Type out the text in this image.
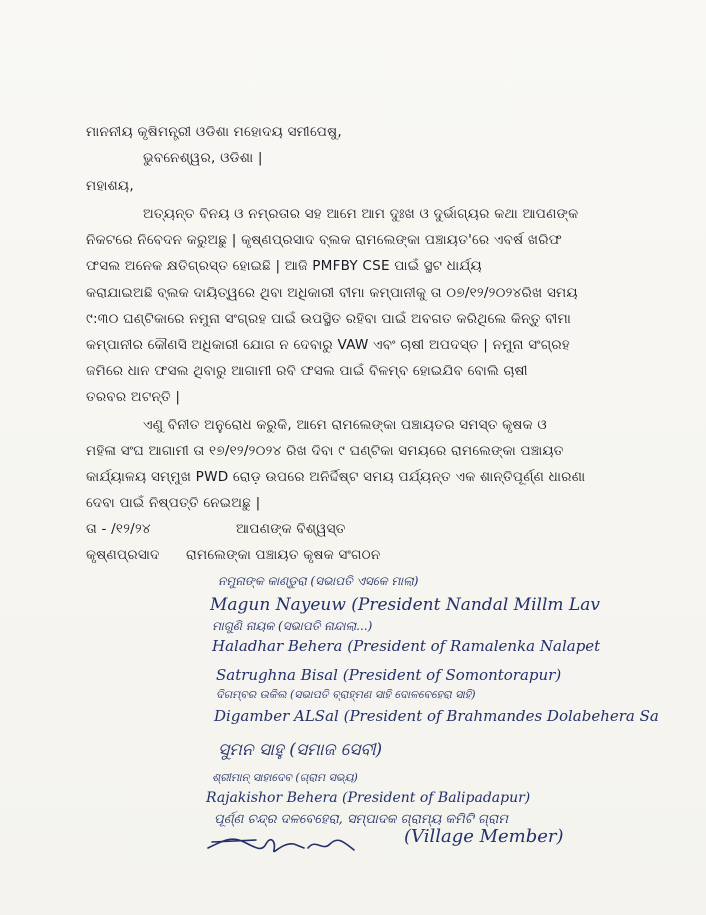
ମାନନୀୟ କୃଷିମନ୍ତ୍ରୀ ଓଡିଶା ମହୋଦୟ ସମୀପେଷୁ,
ଭୁବନେଶ୍ୱର, ଓଡିଶା |
ମହାଶୟ,
ଅତ୍ୟନ୍ତ ବିନୟ ଓ ନମ୍ରତାର ସହ ଆମେ ଆମ ଦୁଃଖ ଓ ଦୁର୍ଭାଗ୍ୟର କଥା ଆପଣଙ୍କ
ନିକଟରେ ନିବେଦନ କରୁଅଛୁ | କୃଷ୍ଣପ୍ରସାଦ ବ୍ଲକ ରାମଲେଙ୍କା ପଞ୍ଚାୟତ'ରେ ଏବର୍ଷ ଖରିଫ
ଫସଲ ଅନେକ କ୍ଷତିଗ୍ରସ୍ତ ହୋଇଛି | ଆଜି PMFBY CSE ପାଇଁ ସ୍ଥଟ ଧାର୍ଯ୍ୟ
କରାଯାଇଅଛି ବ୍ଲକ ଦାୟିତ୍ୱରେ ଥିବା ଅଧିକାରୀ ବୀମା କମ୍ପାନୀକୁ ତା ୦୭/୧୨/୨୦୨୪ରିଖ ସମୟ
୯:୩୦ ଘଣ୍ଟିକାରେ ନମୁନା ସଂଗ୍ରହ ପାଇଁ ଉପସ୍ଥିତ ରହିବା ପାଇଁ ଅବଗତ କରିଥିଲେ କିନ୍ତୁ ବୀମା
କମ୍ପାନୀର କୌଣସି ଅଧିକାରୀ ଯୋଗ ନ ଦେବାରୁ VAW ଏବଂ ଚାଷୀ ଅପଦସ୍ତ | ନମୁନା ସଂଗ୍ରହ
ଜମିରେ ଧାନ ଫସଲ ଥିବାରୁ ଆଗାମୀ ରବି ଫସଲ ପାଇଁ ବିଳମ୍ବ ହୋଇଯିବ ବୋଲି ଚାଷୀ
ତରବର ଅଟନ୍ତି |
ଏଣୁ ବିନୀତ ଅନୁରୋଧ କରୁକି, ଆମେ ରାମଲେଙ୍କା ପଞ୍ଚାୟତର ସମସ୍ତ କୃଷକ ଓ
ମହିଳା ସଂଘ ଆଗାମୀ ତା ୧୭/୧୨/୨୦୨୪ ରିଖ ଦିବା ୯ ଘଣ୍ଟିକା ସମୟରେ ରାମଲେଙ୍କା ପଞ୍ଚାୟତ
କାର୍ଯ୍ୟାଳୟ ସମ୍ମୁଖ PWD ରୋଡ଼ ଉପରେ ଅନିର୍ଦ୍ଦିଷ୍ଟ ସମୟ ପର୍ଯ୍ୟନ୍ତ ଏକ ଶାନ୍ତିପୂର୍ଣ୍ଣ ଧାରଣା
ଦେବା ପାଇଁ ନିଷ୍ପତ୍ତି ନେଇଅଛୁ |
ତା - /୧୨/୨୪	ଆପଣଙ୍କ ବିଶ୍ୱସ୍ତ
କୃଷ୍ଣପ୍ରସାଦ ରାମଲେଙ୍କା ପଞ୍ଚାୟତ କୃଷକ ସଂଗଠନ
ନମୁନାଙ୍କ କାଣ୍ଡୁରା (ସଭାପତି ଏସକେ ମାଲା)
Magun Nayeuw (President Nandal Millm Lav
ମାଗୁଣି ନାୟକ (ସଭାପତି ନାନ୍ଦାଲା...)
Haladhar Behera (President of Ramalenka Nalapet
Satrughna Bisal (President of Somontorapur)
ଦିଗମ୍ବର ଉକିଲ (ସଭାପତି ବ୍ରାହ୍ମଣ ସାହି ଦୋଳବେହେରା ସାହି)
Digamber ALSal (President of Brahmandes Dolabehera Sa
ସୁମନ ସାହୁ (ସମାଜ ସେବୀ)
ଶ୍ରୀମାନ୍ ସାହାଦେବ (ଗ୍ରାମ ସଭ୍ୟ)
Rajakishor Behera (President of Balipadapur)
ପୂର୍ଣ୍ଣ ଚନ୍ଦ୍ର ଦଳବେହେରା, ସମ୍ପାଦକ ଗ୍ରାମ୍ୟ କମିଟି ଗ୍ରାମ
(Village Member)
